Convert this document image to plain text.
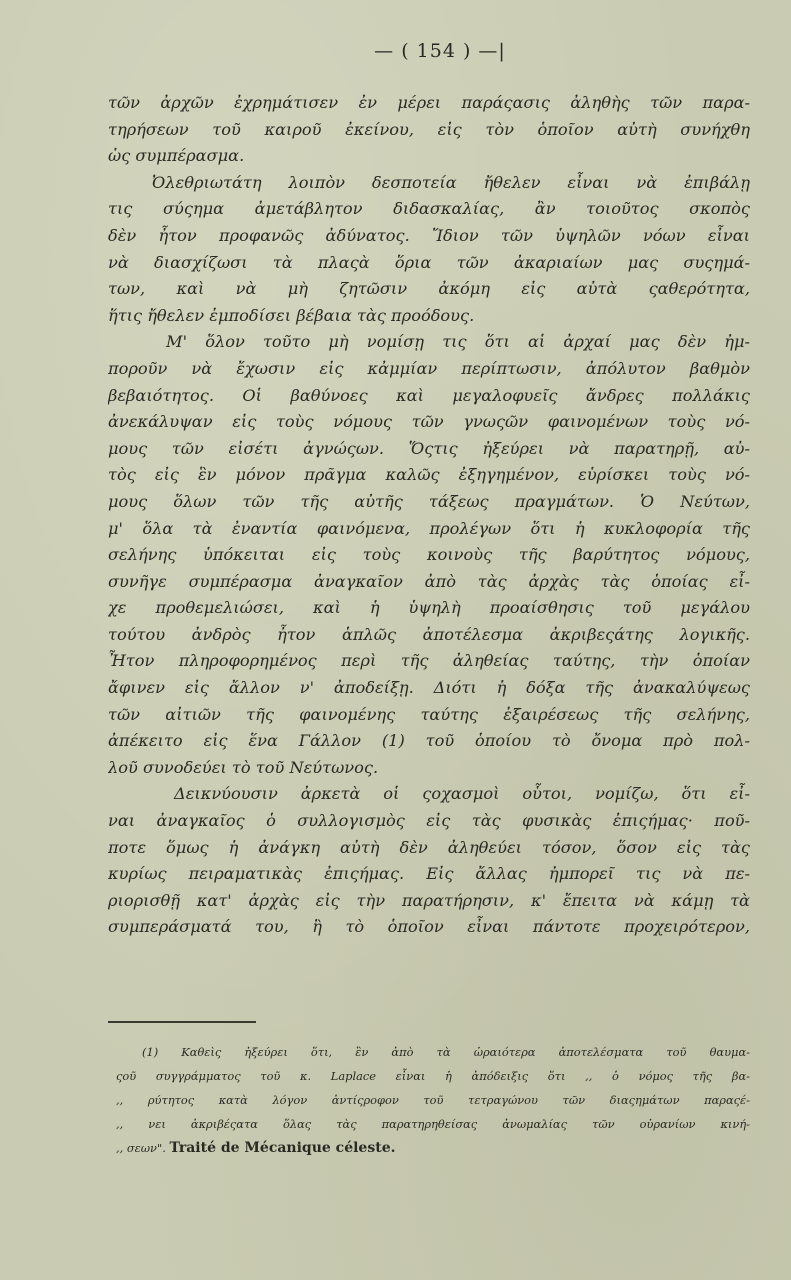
— ( 154 ) —|
τῶν ἀρχῶν ἐχρημάτισεν ἐν μέρει παράςασις ἀληθὴς τῶν παρα-
τηρήσεων τοῦ καιροῦ ἐκείνου, εἰς τὸν ὁποῖον αὐτὴ συνήχθη
ὡς συμπέρασμα.
Ὀλεθριωτάτη λοιπὸν δεσποτεία ἤθελεν εἶναι νὰ ἐπιβάλῃ
τις σύςημα ἀμετάβλητον διδασκαλίας, ἂν τοιοῦτος σκοπὸς
δὲν ἦτον προφανῶς ἀδύνατος. Ἴδιον τῶν ὑψηλῶν νόων εἶναι
νὰ διασχίζωσι τὰ πλαςὰ ὅρια τῶν ἀκαριαίων μας συςημά-
των, καὶ νὰ μὴ ζητῶσιν ἀκόμη εἰς αὐτὰ ςαθερότητα,
ἥτις ἤθελεν ἐμποδίσει βέβαια τὰς προόδους.
Μ' ὅλον τοῦτο μὴ νομίσῃ τις ὅτι αἱ ἀρχαί μας δὲν ἠμ-
ποροῦν νὰ ἔχωσιν εἰς κἀμμίαν περίπτωσιν, ἀπόλυτον βαθμὸν
βεβαιότητος. Οἱ βαθύνοες καὶ μεγαλοφυεῖς ἄνδρες πολλάκις
ἀνεκάλυψαν εἰς τοὺς νόμους τῶν γνωςῶν φαινομένων τοὺς νό-
μους τῶν εἰσέτι ἀγνώςων. Ὅςτις ἠξεύρει νὰ παρατηρῇ, αὐ-
τὸς εἰς ἓν μόνον πρᾶγμα καλῶς ἐξηγημένον, εὑρίσκει τοὺς νό-
μους ὅλων τῶν τῆς αὐτῆς τάξεως πραγμάτων. Ὁ Νεύτων,
μ' ὅλα τὰ ἐναντία φαινόμενα, προλέγων ὅτι ἡ κυκλοφορία τῆς
σελήνης ὑπόκειται εἰς τοὺς κοινοὺς τῆς βαρύτητος νόμους,
συνῆγε συμπέρασμα ἀναγκαῖον ἀπὸ τὰς ἀρχὰς τὰς ὁποίας εἶ-
χε προθεμελιώσει, καὶ ἡ ὑψηλὴ προαίσθησις τοῦ μεγάλου
τούτου ἀνδρὸς ἦτον ἁπλῶς ἀποτέλεσμα ἀκριβεςάτης λογικῆς.
Ἦτον πληροφορημένος περὶ τῆς ἀληθείας ταύτης, τὴν ὁποίαν
ἄφινεν εἰς ἄλλον ν' ἀποδείξῃ. Διότι ἡ δόξα τῆς ἀνακαλύψεως
τῶν αἰτιῶν τῆς φαινομένης ταύτης ἐξαιρέσεως τῆς σελήνης,
ἀπέκειτο εἰς ἕνα Γάλλον (1) τοῦ ὁποίου τὸ ὄνομα πρὸ πολ-
λοῦ συνοδεύει τὸ τοῦ Νεύτωνος.
Δεικνύουσιν ἀρκετὰ οἱ ςοχασμοὶ οὗτοι, νομίζω, ὅτι εἶ-
ναι ἀναγκαῖος ὁ συλλογισμὸς εἰς τὰς φυσικὰς ἐπιςήμας· ποῦ-
ποτε ὅμως ἡ ἀνάγκη αὐτὴ δὲν ἀληθεύει τόσον, ὅσον εἰς τὰς
κυρίως πειραματικὰς ἐπιςήμας. Εἰς ἄλλας ἠμπορεῖ τις νὰ πε-
ριορισθῇ κατ' ἀρχὰς εἰς τὴν παρατήρησιν, κ' ἔπειτα νὰ κάμῃ τὰ
συμπεράσματά του, ἢ τὸ ὁποῖον εἶναι πάντοτε προχειρότερον,
(1) Καθεὶς ἠξεύρει ὅτι, ἓν ἀπὸ τὰ ὡραιότερα ἀποτελέσματα τοῦ θαυμα-
ςοῦ συγγράμματος τοῦ κ. Laplace εἶναι ἡ ἀπόδειξις ὅτι ,, ὁ νόμος τῆς βα-
,, ρύτητος κατὰ λόγον ἀντίςροφον τοῦ τετραγώνου τῶν διαςημάτων παραςέ-
,, νει ἀκριβέςατα ὅλας τὰς παρατηρηθείσας ἀνωμαλίας τῶν οὐρανίων κινή-
,, σεων". Traité de Mécanique céleste.
